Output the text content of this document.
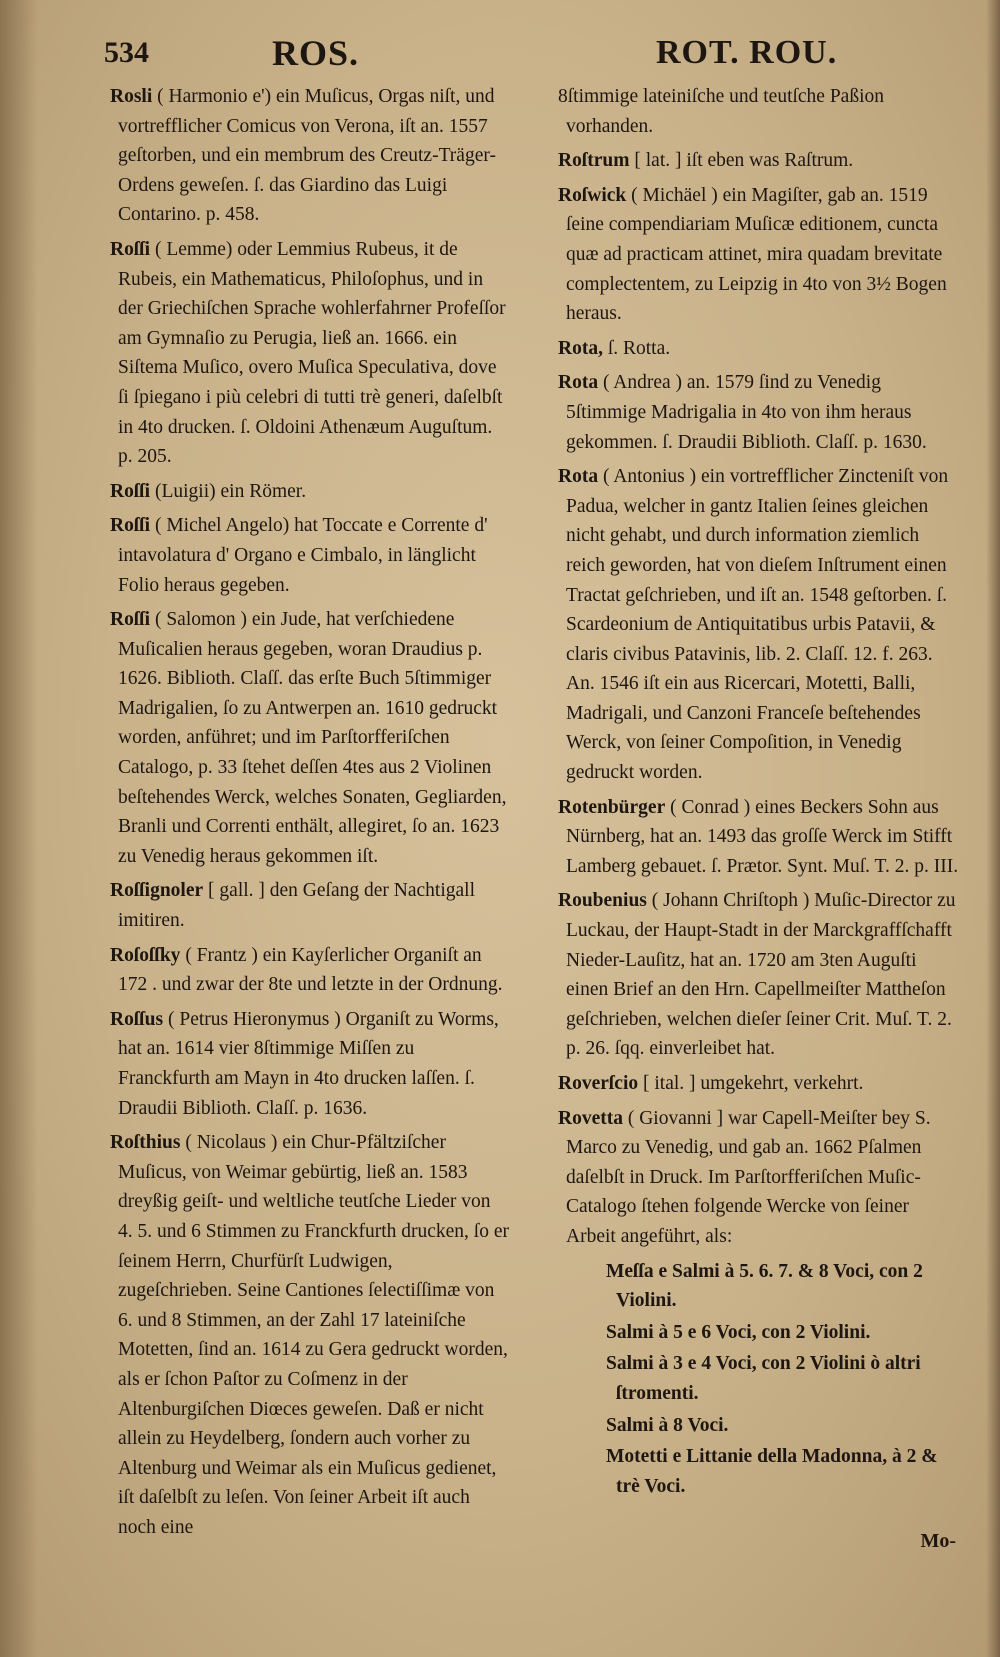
534	ROS.	ROT. ROU.

Rosli ( Harmonio e') ein Muſicus, Orgas niſt, und vortrefflicher Comicus von Verona, iſt an. 1557 geſtorben, und ein membrum des Creutz-Träger-Ordens geweſen. ſ. das Giardino das Luigi Contarino. p. 458.

Roſſi ( Lemme) oder Lemmius Rubeus, it de Rubeis, ein Mathematicus, Philoſophus, und in der Griechiſchen Sprache wohlerfahrner Profeſſor am Gymnaſio zu Perugia, ließ an. 1666. ein Siſtema Muſico, overo Muſica Speculativa, dove ſi ſpiegano i più celebri di tutti trè generi, daſelbſt in 4to drucken. ſ. Oldoini Athenæum Auguſtum. p. 205.

Roſſi (Luigii) ein Römer.

Roſſi ( Michel Angelo) hat Toccate e Corrente d' intavolatura d' Organo e Cimbalo, in länglicht Folio heraus gegeben.

Roſſi ( Salomon ) ein Jude, hat verſchiedene Muſicalien heraus gegeben, woran Draudius p. 1626. Biblioth. Claſſ. das erſte Buch 5ſtimmiger Madrigalien, ſo zu Antwerpen an. 1610 gedruckt worden, anführet; und im Parſtorfferiſchen Catalogo, p. 33 ſtehet deſſen 4tes aus 2 Violinen beſtehendes Werck, welches Sonaten, Gegliarden, Branli und Correnti enthält, allegiret, ſo an. 1623 zu Venedig heraus gekommen iſt.

Roſſignoler [ gall. ] den Geſang der Nachtigall imitiren.

Roſoſſky ( Frantz ) ein Kayſerlicher Organiſt an 172 . und zwar der 8te und letzte in der Ordnung.

Roſſus ( Petrus Hieronymus ) Organiſt zu Worms, hat an. 1614 vier 8ſtimmige Miſſen zu Franckfurth am Mayn in 4to drucken laſſen. ſ. Draudii Biblioth. Claſſ. p. 1636.

Roſthius ( Nicolaus ) ein Chur-Pfältziſcher Muſicus, von Weimar gebürtig, ließ an. 1583 dreyßig geiſt- und weltliche teutſche Lieder von 4. 5. und 6 Stimmen zu Franckfurth drucken, ſo er ſeinem Herrn, Churfürſt Ludwigen, zugeſchrieben. Seine Cantiones ſelectiſſimæ von 6. und 8 Stimmen, an der Zahl 17 lateiniſche Motetten, ſind an. 1614 zu Gera gedruckt worden, als er ſchon Paſtor zu Coſmenz in der Altenburgiſchen Diœces geweſen. Daß er nicht allein zu Heydelberg, ſondern auch vorher zu Altenburg und Weimar als ein Muſicus gedienet, iſt daſelbſt zu leſen. Von ſeiner Arbeit iſt auch noch eine

8ſtimmige lateiniſche und teutſche Paßion vorhanden.

Roſtrum [ lat. ] iſt eben was Raſtrum.

Roſwick ( Michäel ) ein Magiſter, gab an. 1519 ſeine compendiariam Muſicæ editionem, cuncta quæ ad practicam attinet, mira quadam brevitate complectentem, zu Leipzig in 4to von 3½ Bogen heraus.

Rota, ſ. Rotta.

Rota ( Andrea ) an. 1579 ſind zu Venedig 5ſtimmige Madrigalia in 4to von ihm heraus gekommen. ſ. Draudii Biblioth. Claſſ. p. 1630.

Rota ( Antonius ) ein vortrefflicher Zincteniſt von Padua, welcher in gantz Italien ſeines gleichen nicht gehabt, und durch information ziemlich reich geworden, hat von dieſem Inſtrument einen Tractat geſchrieben, und iſt an. 1548 geſtorben. ſ. Scardeonium de Antiquitatibus urbis Patavii, & claris civibus Patavinis, lib. 2. Claſſ. 12. f. 263. An. 1546 iſt ein aus Ricercari, Motetti, Balli, Madrigali, und Canzoni Franceſe beſtehendes Werck, von ſeiner Compoſition, in Venedig gedruckt worden.

Rotenbürger ( Conrad ) eines Beckers Sohn aus Nürnberg, hat an. 1493 das groſſe Werck im Stifft Lamberg gebauet. ſ. Prætor. Synt. Muſ. T. 2. p. III.

Roubenius ( Johann Chriſtoph ) Muſic-Director zu Luckau, der Haupt-Stadt in der Marckgraffſchafft Nieder-Lauſitz, hat an. 1720 am 3ten Auguſti einen Brief an den Hrn. Capellmeiſter Mattheſon geſchrieben, welchen dieſer ſeiner Crit. Muſ. T. 2. p. 26. ſqq. einverleibet hat.

Roverſcio [ ital. ] umgekehrt, verkehrt.

Rovetta ( Giovanni ] war Capell-Meiſter bey S. Marco zu Venedig, und gab an. 1662 Pſalmen daſelbſt in Druck. Im Parſtorfferiſchen Muſic-Catalogo ſtehen folgende Wercke von ſeiner Arbeit angeführt, als:

Meſſa e Salmi à 5. 6. 7. & 8 Voci, con 2 Violini.

Salmi à 5 e 6 Voci, con 2 Violini.

Salmi à 3 e 4 Voci, con 2 Violini ò altri ſtromenti.

Salmi à 8 Voci.

Motetti e Littanie della Madonna, à 2 & trè Voci.

Mo-
